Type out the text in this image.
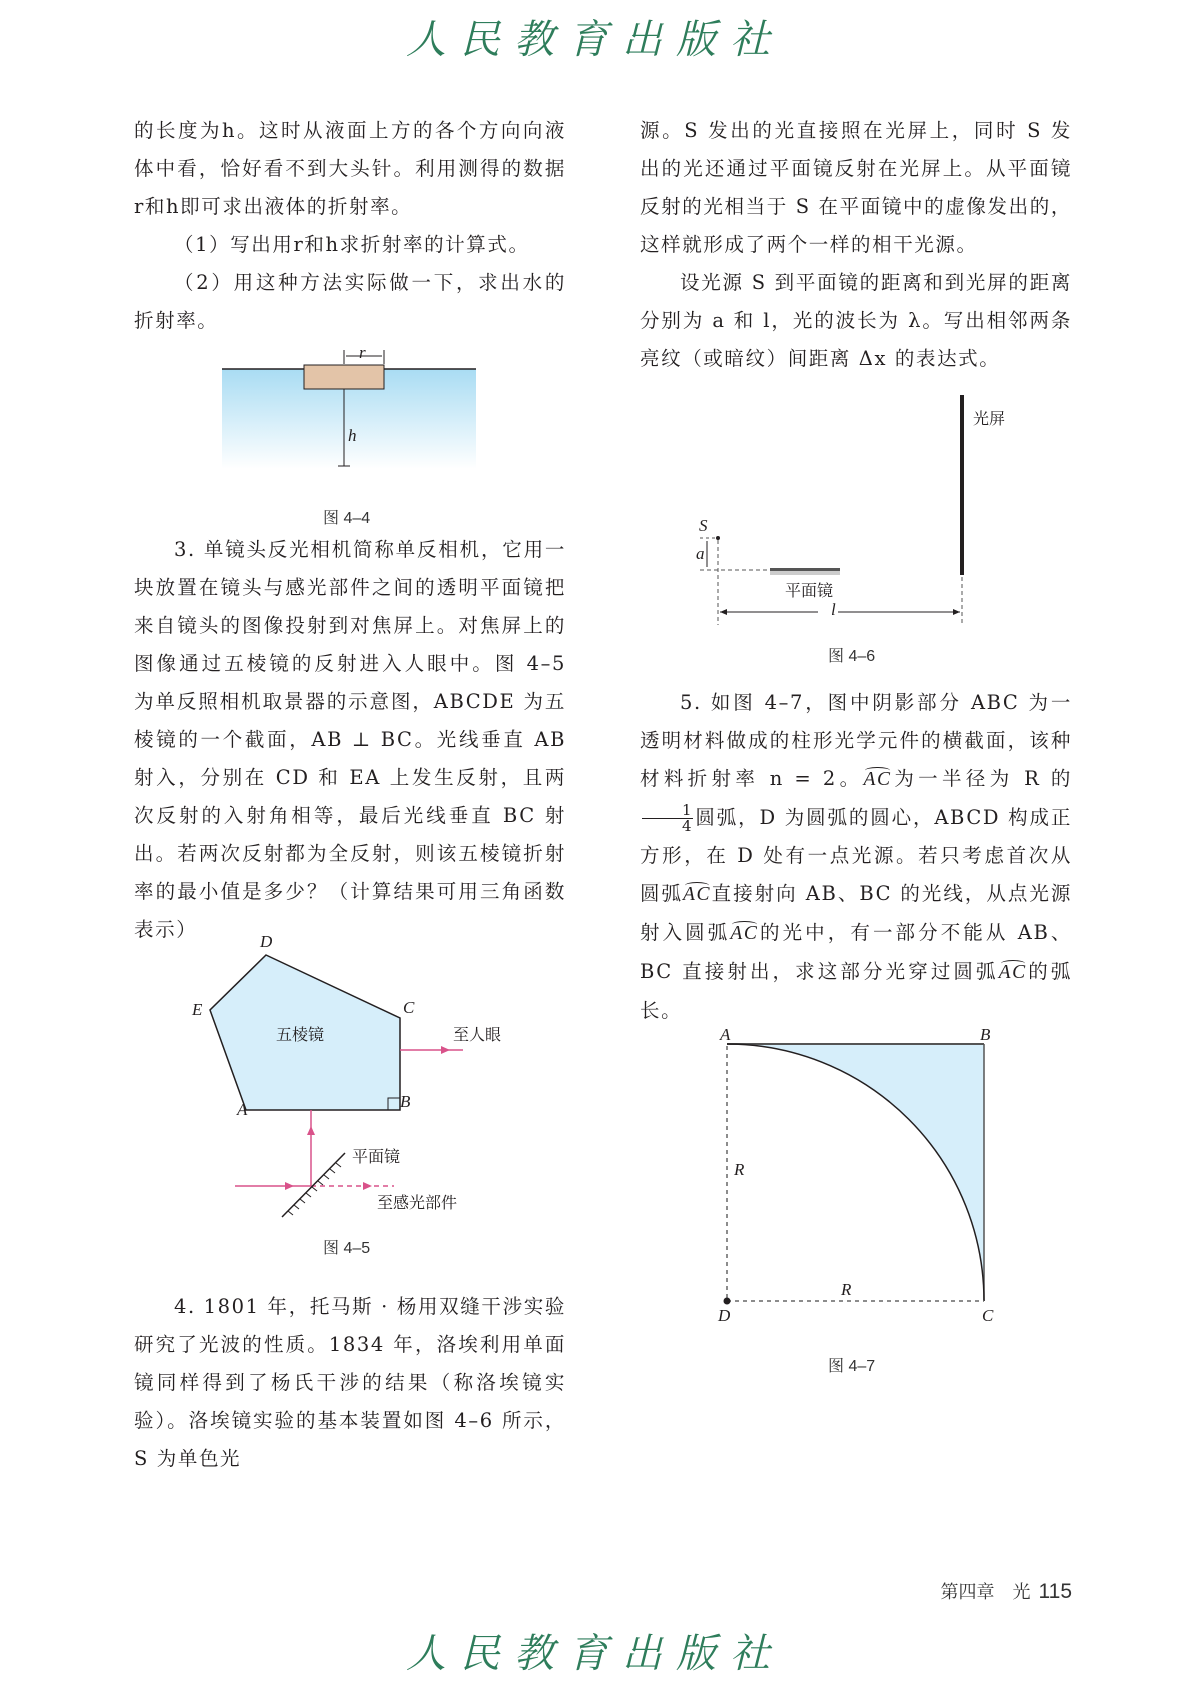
人民教育出版社

的长度为h。这时从液面上方的各个方向向液体中看，恰好看不到大头针。利用测得的数据r和h即可求出液体的折射率。

（1）写出用r和h求折射率的计算式。

（2）用这种方法实际做一下，求出水的折射率。

r
h
图 4–4

3. 单镜头反光相机简称单反相机，它用一块放置在镜头与感光部件之间的透明平面镜把来自镜头的图像投射到对焦屏上。对焦屏上的图像通过五棱镜的反射进入人眼中。图 4–5 为单反照相机取景器的示意图，ABCDE 为五棱镜的一个截面，AB ⊥ BC。光线垂直 AB 射入，分别在 CD 和 EA 上发生反射，且两次反射的入射角相等，最后光线垂直 BC 射出。若两次反射都为全反射，则该五棱镜折射率的最小值是多少？（计算结果可用三角函数表示）

D
E	C
A	B
五棱镜	至人眼
平面镜
至感光部件
图 4–5

4. 1801 年，托马斯 · 杨用双缝干涉实验研究了光波的性质。1834 年，洛埃利用单面镜同样得到了杨氏干涉的结果（称洛埃镜实验）。洛埃镜实验的基本装置如图 4–6 所示，S 为单色光

源。S 发出的光直接照在光屏上，同时 S 发出的光还通过平面镜反射在光屏上。从平面镜反射的光相当于 S 在平面镜中的虚像发出的，这样就形成了两个一样的相干光源。

设光源 S 到平面镜的距离和到光屏的距离分别为 a 和 l，光的波长为 λ。写出相邻两条亮纹（或暗纹）间距离 Δx 的表达式。

光屏
S
a
平面镜
l
图 4–6

5. 如图 4–7，图中阴影部分 ABC 为一透明材料做成的柱形光学元件的横截面，该种材料折射率 n = 2。AC为一半径为 R 的
$\frac{1}{4}$ 圆弧，D 为圆弧的圆心，ABCD 构成正方形，在 D 处有一点光源。若只考虑首次从圆弧AC直接射向 AB、BC 的光线，从点光源射入圆弧AC的光中，有一部分不能从 AB、BC 直接射出，求这部分光穿过圆弧AC的弧长。

A	B
C
D
R
R
图 4–7
第四章　光 115
人民教育出版社
